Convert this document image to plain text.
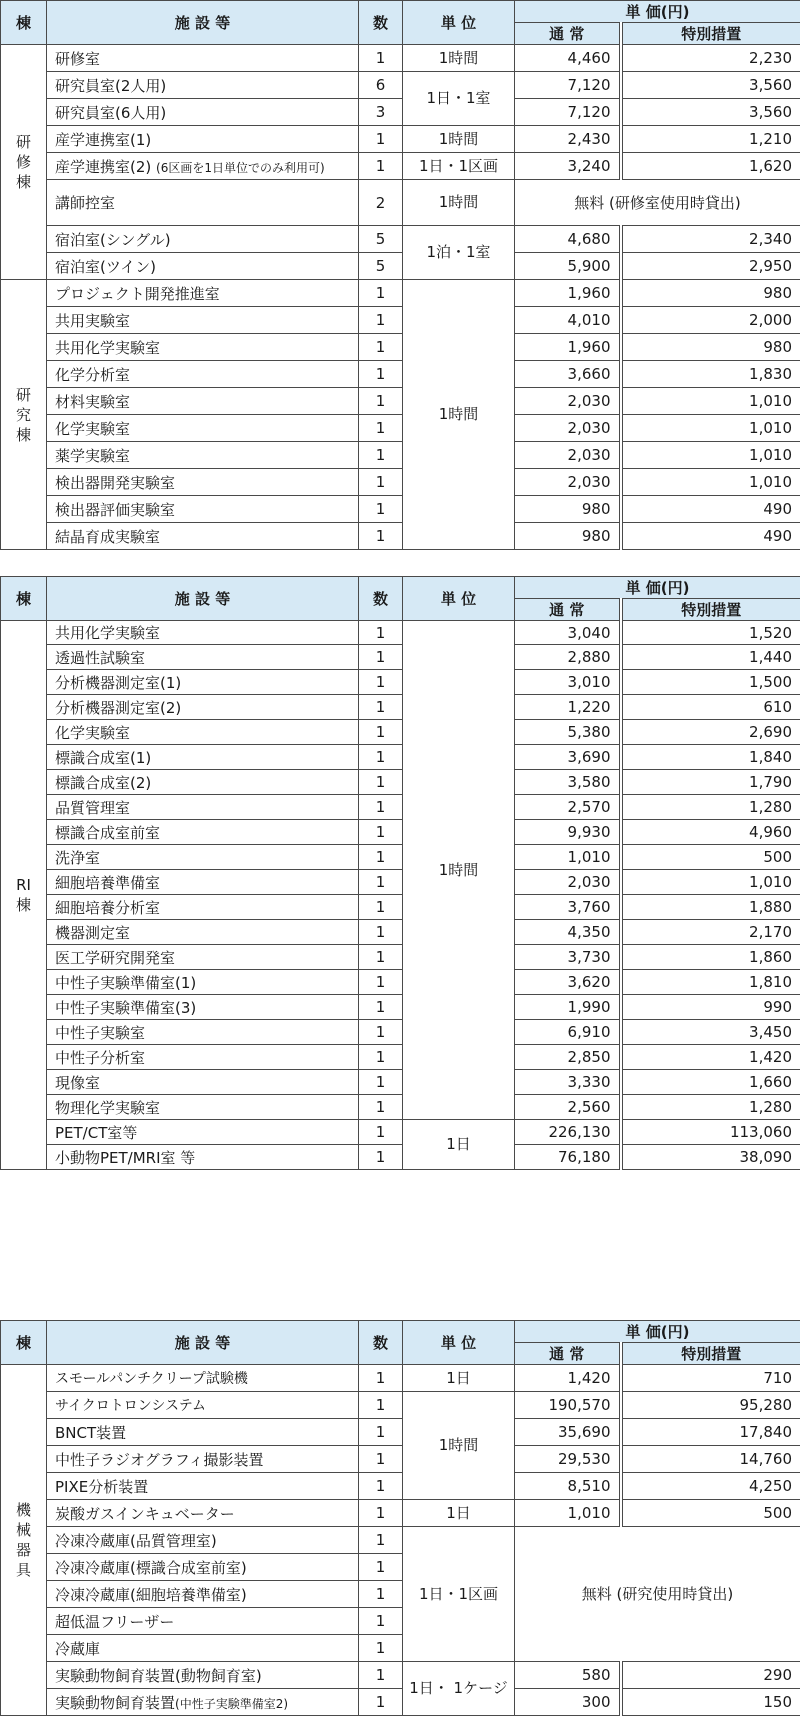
棟	施 設 等	数	単 位	単 価(円)	
				通 常	特別措置
研修棟	研修室	1	1時間	4,460	2,230
	研究員室(2人用)	6	1日・1室	7,120	3,560
	研究員室(6人用)	3		7,120	3,560
	産学連携室(1)	1	1時間	2,430	1,210
	産学連携室(2) (6区画を1日単位でのみ利用可)	1	1日・1区画	3,240	1,620
	講師控室	2	1時間	無料 (研修室使用時貸出)	
	宿泊室(シングル)	5	1泊・1室	4,680	2,340
	宿泊室(ツイン)	5		5,900	2,950
研究棟	プロジェクト開発推進室	1	1時間	1,960	980
	共用実験室	1		4,010	2,000
	共用化学実験室	1		1,960	980
	化学分析室	1		3,660	1,830
	材料実験室	1		2,030	1,010
	化学実験室	1		2,030	1,010
	薬学実験室	1		2,030	1,010
	検出器開発実験室	1		2,030	1,010
	検出器評価実験室	1		980	490
	結晶育成実験室	1		980	490
棟	施 設 等	数	単 位	単 価(円)	
				通 常	特別措置
RI棟	共用化学実験室	1	1時間	3,040	1,520
	透過性試験室	1		2,880	1,440
	分析機器測定室(1)	1		3,010	1,500
	分析機器測定室(2)	1		1,220	610
	化学実験室	1		5,380	2,690
	標識合成室(1)	1		3,690	1,840
	標識合成室(2)	1		3,580	1,790
	品質管理室	1		2,570	1,280
	標識合成室前室	1		9,930	4,960
	洗浄室	1		1,010	500
	細胞培養準備室	1		2,030	1,010
	細胞培養分析室	1		3,760	1,880
	機器測定室	1		4,350	2,170
	医工学研究開発室	1		3,730	1,860
	中性子実験準備室(1)	1		3,620	1,810
	中性子実験準備室(3)	1		1,990	990
	中性子実験室	1		6,910	3,450
	中性子分析室	1		2,850	1,420
	現像室	1		3,330	1,660
	物理化学実験室	1		2,560	1,280
	PET/CT室等	1	1日	226,130	113,060
	小動物PET/MRI室 等	1		76,180	38,090
棟	施 設 等	数	単 位	単 価(円)	
				通 常	特別措置
機械器具	スモールパンチクリープ試験機	1	1日	1,420	710
	サイクロトロンシステム	1	1時間	190,570	95,280
	BNCT装置	1		35,690	17,840
	中性子ラジオグラフィ撮影装置	1		29,530	14,760
	PIXE分析装置	1		8,510	4,250
	炭酸ガスインキュベーター	1	1日	1,010	500
	冷凍冷蔵庫(品質管理室)	1	1日・1区画	無料 (研究使用時貸出)	
	冷凍冷蔵庫(標識合成室前室)	1			
	冷凍冷蔵庫(細胞培養準備室)	1			
	超低温フリーザー	1			
	冷蔵庫	1			
	実験動物飼育装置(動物飼育室)	1	1日・ 1ケージ	580	290
	実験動物飼育装置(中性子実験準備室2)	1		300	150
